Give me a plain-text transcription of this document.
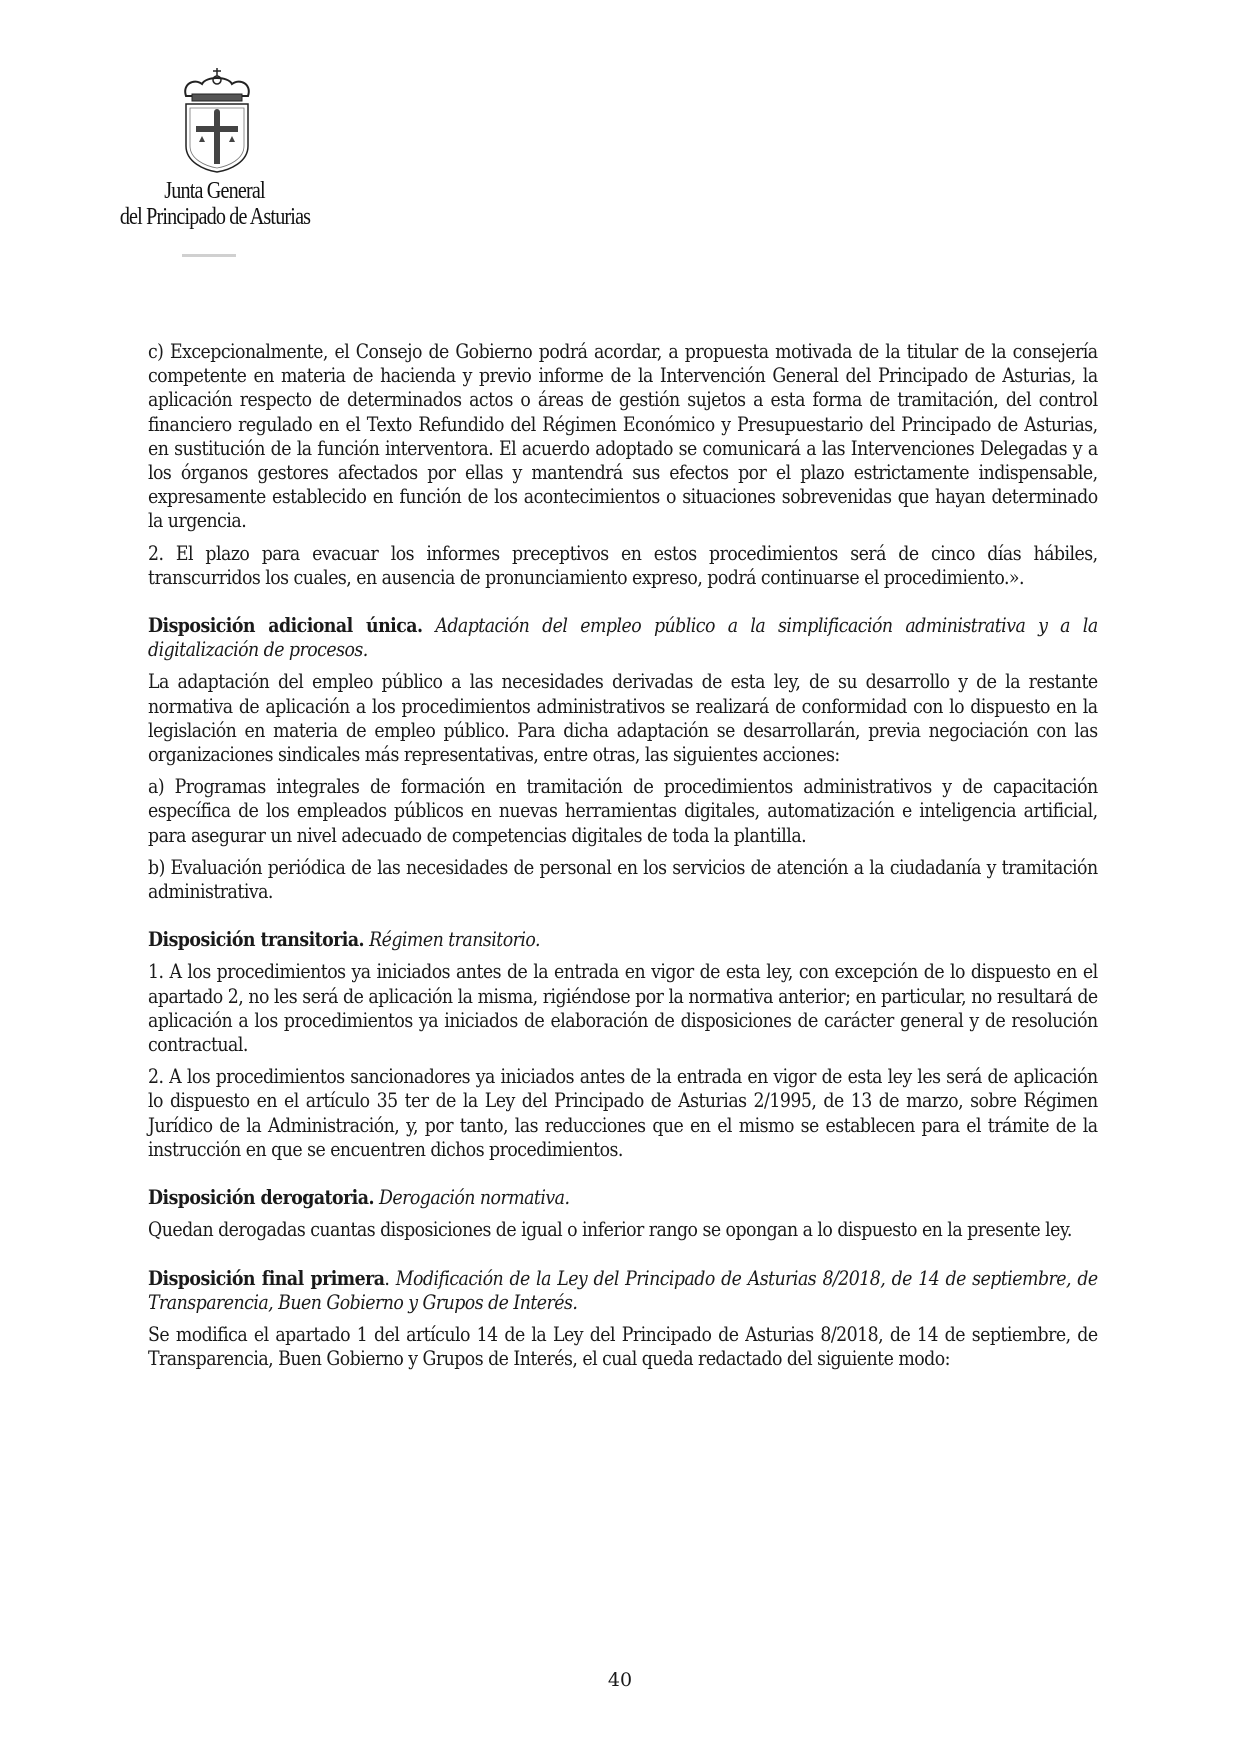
Junta General
del Principado de Asturias

c) Excepcionalmente, el Consejo de Gobierno podrá acordar, a propuesta motivada de la titular de la consejería competente en materia de hacienda y previo informe de la Intervención General del Principado de Asturias, la aplicación respecto de determinados actos o áreas de gestión sujetos a esta forma de tramitación, del control financiero regulado en el Texto Refundido del Régimen Económico y Presupuestario del Principado de Asturias, en sustitución de la función interventora. El acuerdo adoptado se comunicará a las Intervenciones Delegadas y a los órganos gestores afectados por ellas y mantendrá sus efectos por el plazo estrictamente indispensable, expresamente establecido en función de los acontecimientos o situaciones sobrevenidas que hayan determinado la urgencia.

2. El plazo para evacuar los informes preceptivos en estos procedimientos será de cinco días hábiles, transcurridos los cuales, en ausencia de pronunciamiento expreso, podrá continuarse el procedimiento.».

Disposición adicional única. Adaptación del empleo público a la simplificación administrativa y a la digitalización de procesos.

La adaptación del empleo público a las necesidades derivadas de esta ley, de su desarrollo y de la restante normativa de aplicación a los procedimientos administrativos se realizará de conformidad con lo dispuesto en la legislación en materia de empleo público. Para dicha adaptación se desarrollarán, previa negociación con las organizaciones sindicales más representativas, entre otras, las siguientes acciones:

a) Programas integrales de formación en tramitación de procedimientos administrativos y de capacitación específica de los empleados públicos en nuevas herramientas digitales, automatización e inteligencia artificial, para asegurar un nivel adecuado de competencias digitales de toda la plantilla.

b) Evaluación periódica de las necesidades de personal en los servicios de atención a la ciudadanía y tramitación administrativa.

Disposición transitoria. Régimen transitorio.

1. A los procedimientos ya iniciados antes de la entrada en vigor de esta ley, con excepción de lo dispuesto en el apartado 2, no les será de aplicación la misma, rigiéndose por la normativa anterior; en particular, no resultará de aplicación a los procedimientos ya iniciados de elaboración de disposiciones de carácter general y de resolución contractual.

2. A los procedimientos sancionadores ya iniciados antes de la entrada en vigor de esta ley les será de aplicación lo dispuesto en el artículo 35 ter de la Ley del Principado de Asturias 2/1995, de 13 de marzo, sobre Régimen Jurídico de la Administración, y, por tanto, las reducciones que en el mismo se establecen para el trámite de la instrucción en que se encuentren dichos procedimientos.

Disposición derogatoria. Derogación normativa.

Quedan derogadas cuantas disposiciones de igual o inferior rango se opongan a lo dispuesto en la presente ley.

Disposición final primera. Modificación de la Ley del Principado de Asturias 8/2018, de 14 de septiembre, de Transparencia, Buen Gobierno y Grupos de Interés.

Se modifica el apartado 1 del artículo 14 de la Ley del Principado de Asturias 8/2018, de 14 de septiembre, de Transparencia, Buen Gobierno y Grupos de Interés, el cual queda redactado del siguiente modo:

40
